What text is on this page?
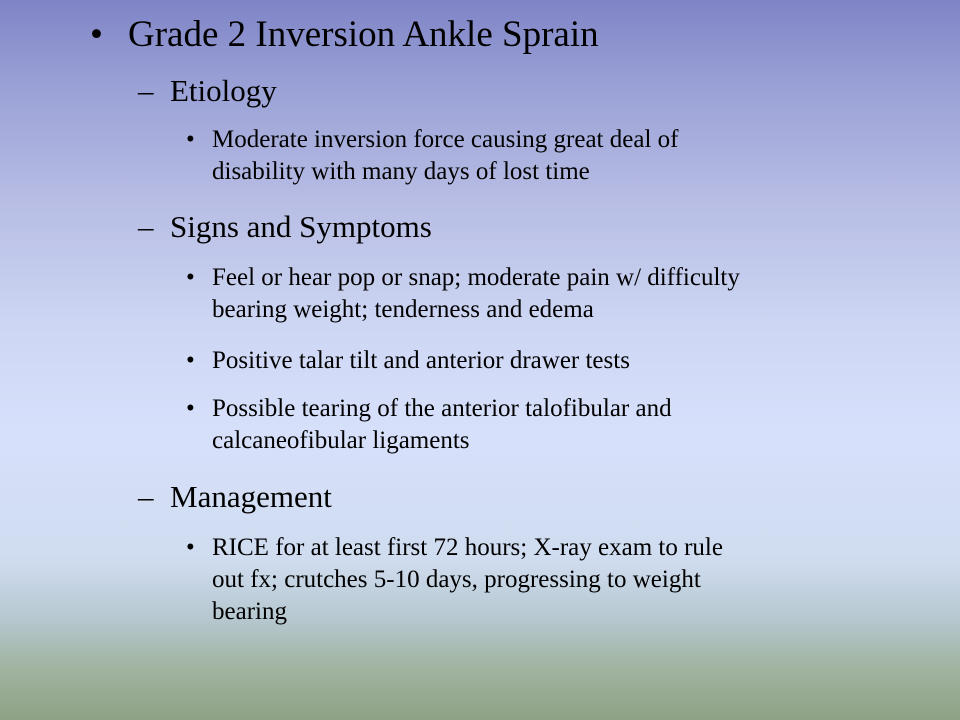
• Grade 2 Inversion Ankle Sprain
– Etiology
• Moderate inversion force causing great deal of
disability with many days of lost time
– Signs and Symptoms
• Feel or hear pop or snap; moderate pain w/ difficulty
bearing weight; tenderness and edema
• Positive talar tilt and anterior drawer tests
• Possible tearing of the anterior talofibular and
calcaneofibular ligaments
– Management
• RICE for at least first 72 hours; X-ray exam to rule
out fx; crutches 5-10 days, progressing to weight
bearing
